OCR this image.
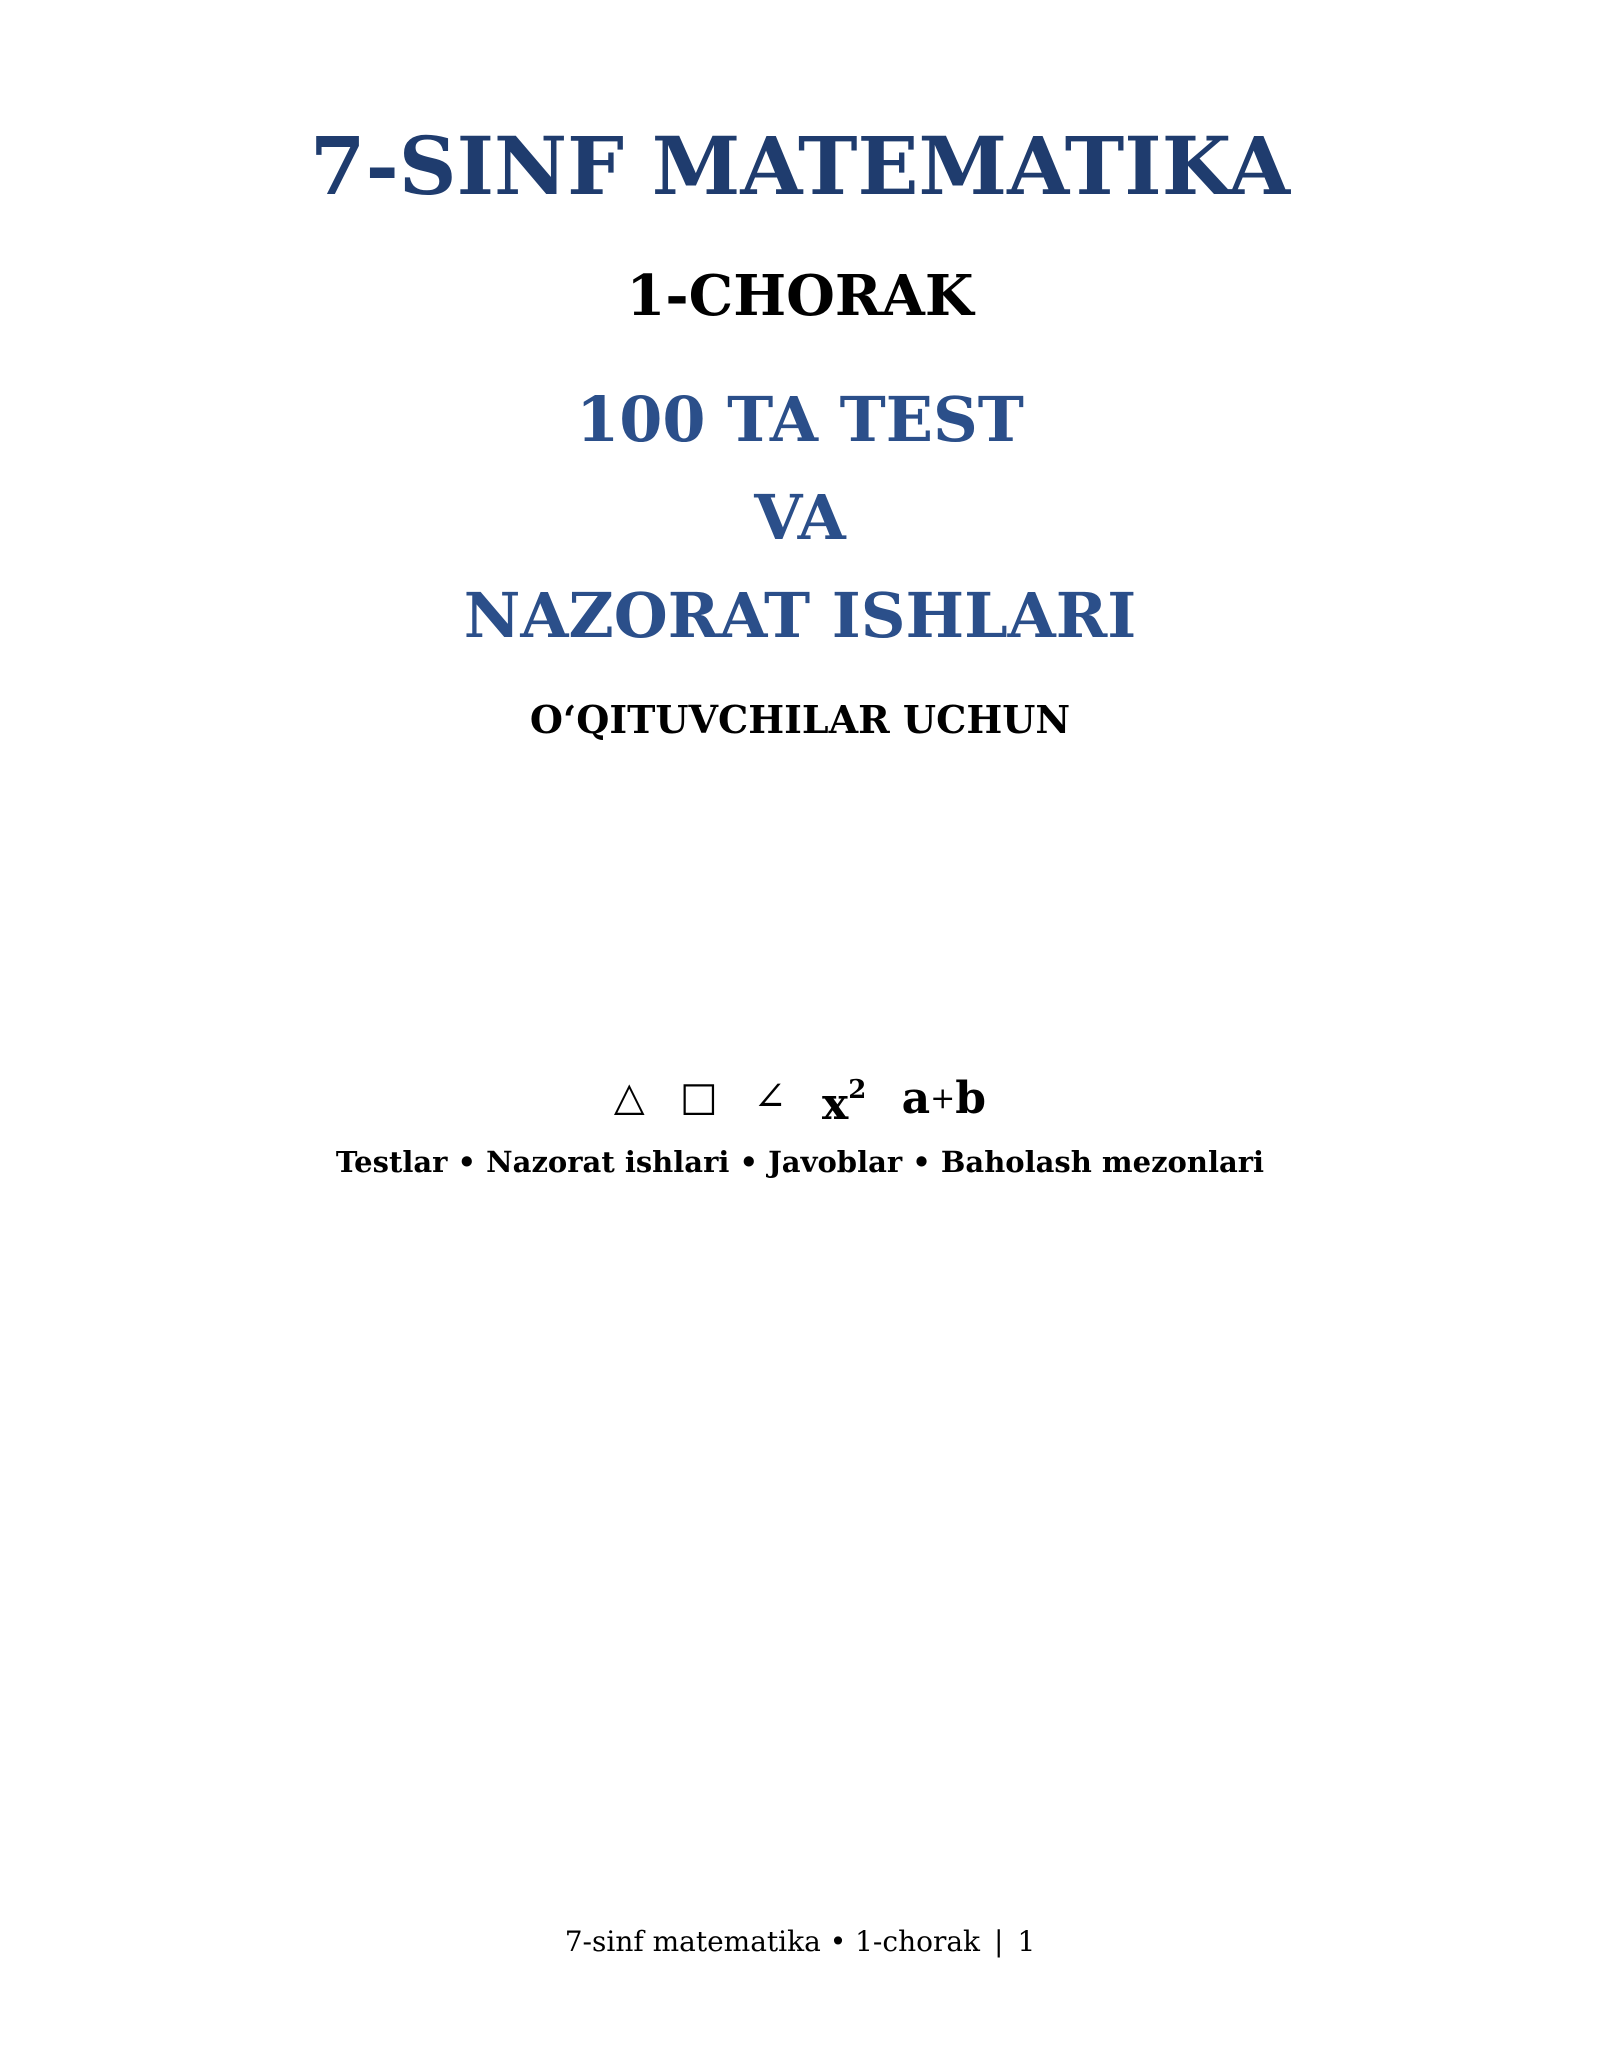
7-SINF MATEMATIKA
1-CHORAK
100 TA TEST
VA
NAZORAT ISHLARI
O‘QITUVCHILAR UCHUN
△ □ ∠ $x^2$ a+b
Testlar • Nazorat ishlari • Javoblar • Baholash mezonlari
7-sinf matematika • 1-chorak | 1
